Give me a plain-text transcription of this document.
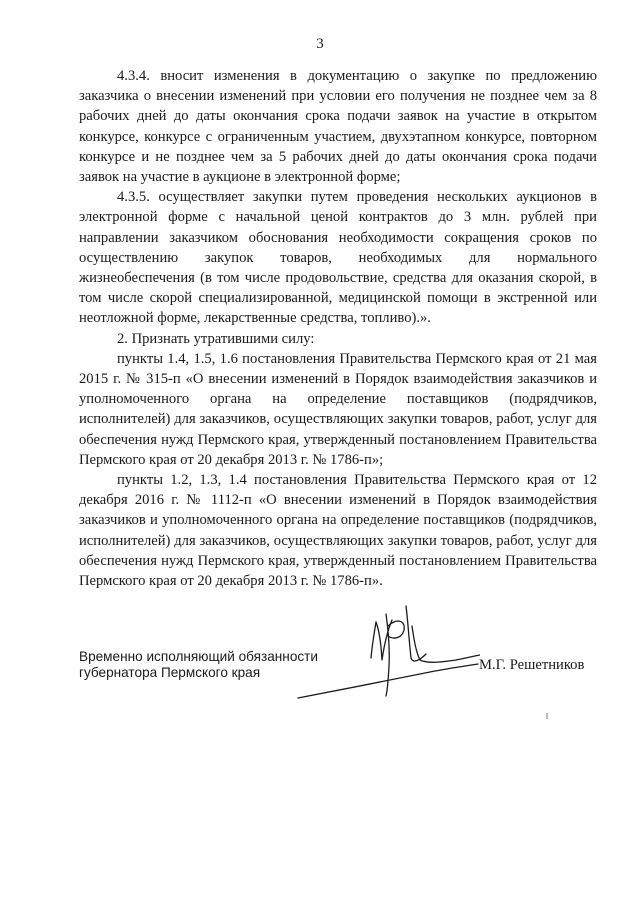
3

4.3.4. вносит изменения в документацию о закупке по предложению заказчика о внесении изменений при условии его получения не позднее чем за 8 рабочих дней до даты окончания срока подачи заявок на участие в открытом конкурсе, конкурсе с ограниченным участием, двухэтапном конкурсе, повторном конкурсе и не позднее чем за 5 рабочих дней до даты окончания срока подачи заявок на участие в аукционе в электронной форме;

4.3.5. осуществляет закупки путем проведения нескольких аукционов в электронной форме с начальной ценой контрактов до 3 млн. рублей при направлении заказчиком обоснования необходимости сокращения сроков по осуществлению закупок товаров, необходимых для нормального жизнеобеспечения (в том числе продовольствие, средства для оказания скорой, в том числе скорой специализированной, медицинской помощи в экстренной или неотложной форме, лекарственные средства, топливо).».

2. Признать утратившими силу:

пункты 1.4, 1.5, 1.6 постановления Правительства Пермского края от 21 мая 2015 г. № 315-п «О внесении изменений в Порядок взаимодействия заказчиков и уполномоченного органа на определение поставщиков (подрядчиков, исполнителей) для заказчиков, осуществляющих закупки товаров, работ, услуг для обеспечения нужд Пермского края, утвержденный постановлением Правительства Пермского края от 20 декабря 2013 г. № 1786-п»;

пункты 1.2, 1.3, 1.4 постановления Правительства Пермского края от 12 декабря 2016 г. № 1112-п «О внесении изменений в Порядок взаимодействия заказчиков и уполномоченного органа на определение поставщиков (подрядчиков, исполнителей) для заказчиков, осуществляющих закупки товаров, работ, услуг для обеспечения нужд Пермского края, утвержденный постановлением Правительства Пермского края от 20 декабря 2013 г. № 1786-п».

Временно исполняющий обязанности
губернатора Пермского края	М.Г. Решетников
